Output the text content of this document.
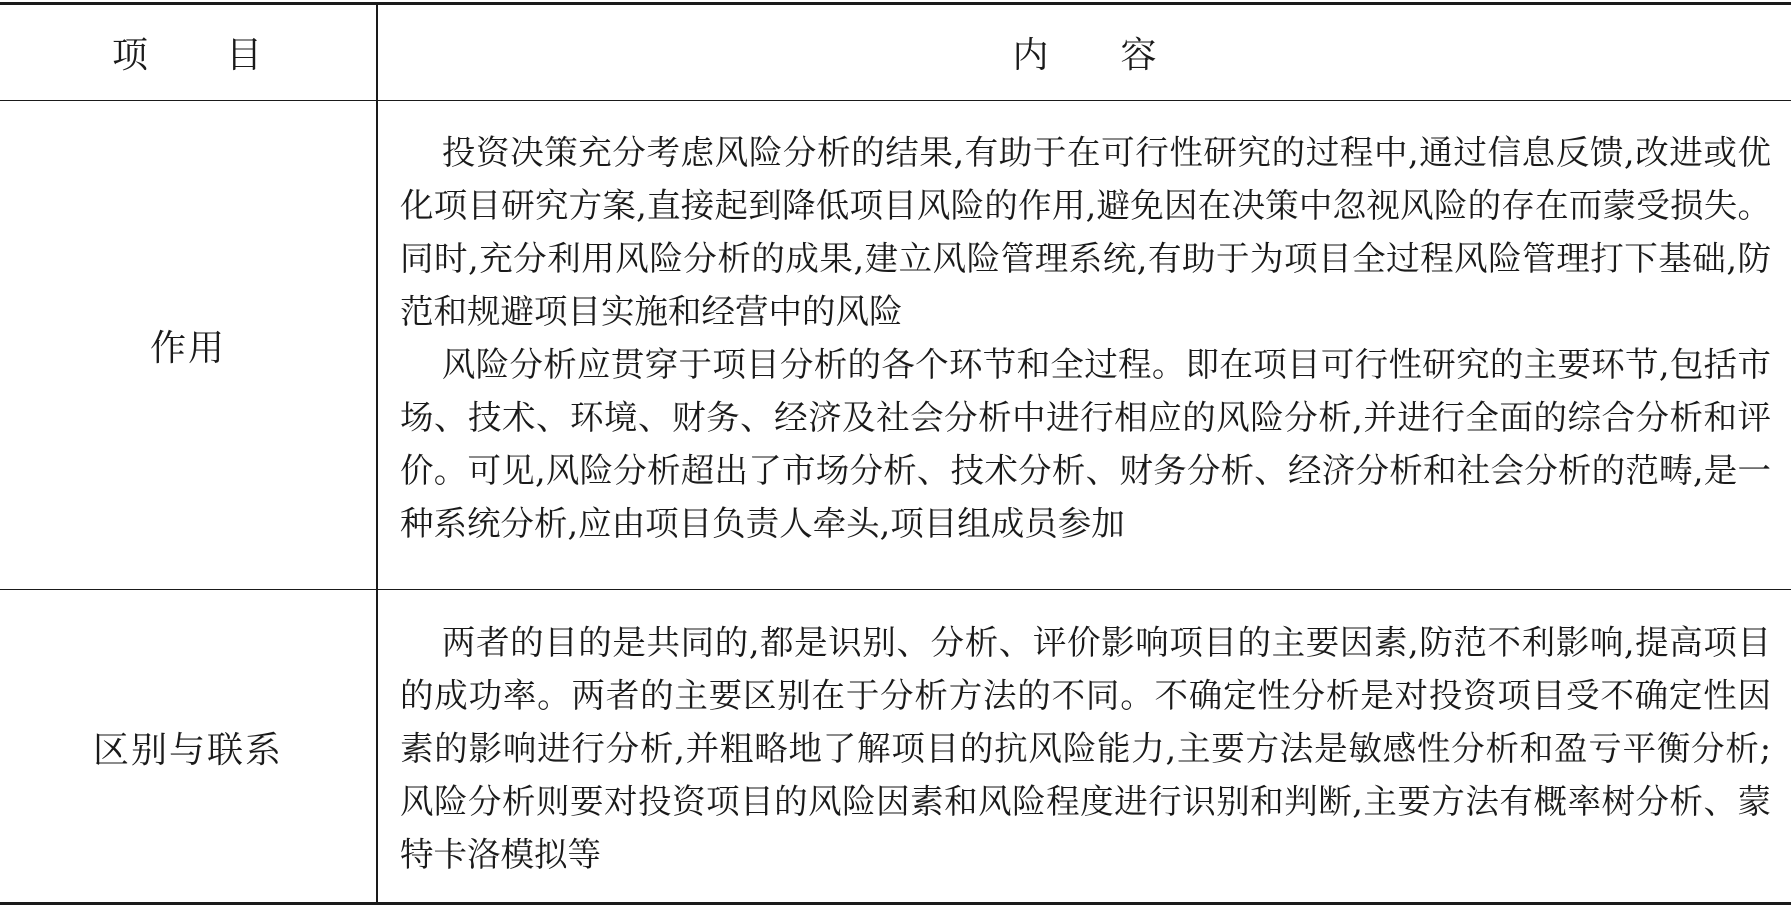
项　　目	内　　容
作用

投资决策充分考虑风险分析的结果,有助于在可行性研究的过程中,通过信息反馈,改进或优化项目研究方案,直接起到降低项目风险的作用,避免因在决策中忽视风险的存在而蒙受损失。同时,充分利用风险分析的成果,建立风险管理系统,有助于为项目全过程风险管理打下基础,防范和规避项目实施和经营中的风险

风险分析应贯穿于项目分析的各个环节和全过程。即在项目可行性研究的主要环节,包括市场、技术、环境、财务、经济及社会分析中进行相应的风险分析,并进行全面的综合分析和评价。可见,风险分析超出了市场分析、技术分析、财务分析、经济分析和社会分析的范畴,是一种系统分析,应由项目负责人牵头,项目组成员参加

区别与联系

两者的目的是共同的,都是识别、分析、评价影响项目的主要因素,防范不利影响,提高项目的成功率。两者的主要区别在于分析方法的不同。不确定性分析是对投资项目受不确定性因素的影响进行分析,并粗略地了解项目的抗风险能力,主要方法是敏感性分析和盈亏平衡分析;风险分析则要对投资项目的风险因素和风险程度进行识别和判断,主要方法有概率树分析、蒙特卡洛模拟等
